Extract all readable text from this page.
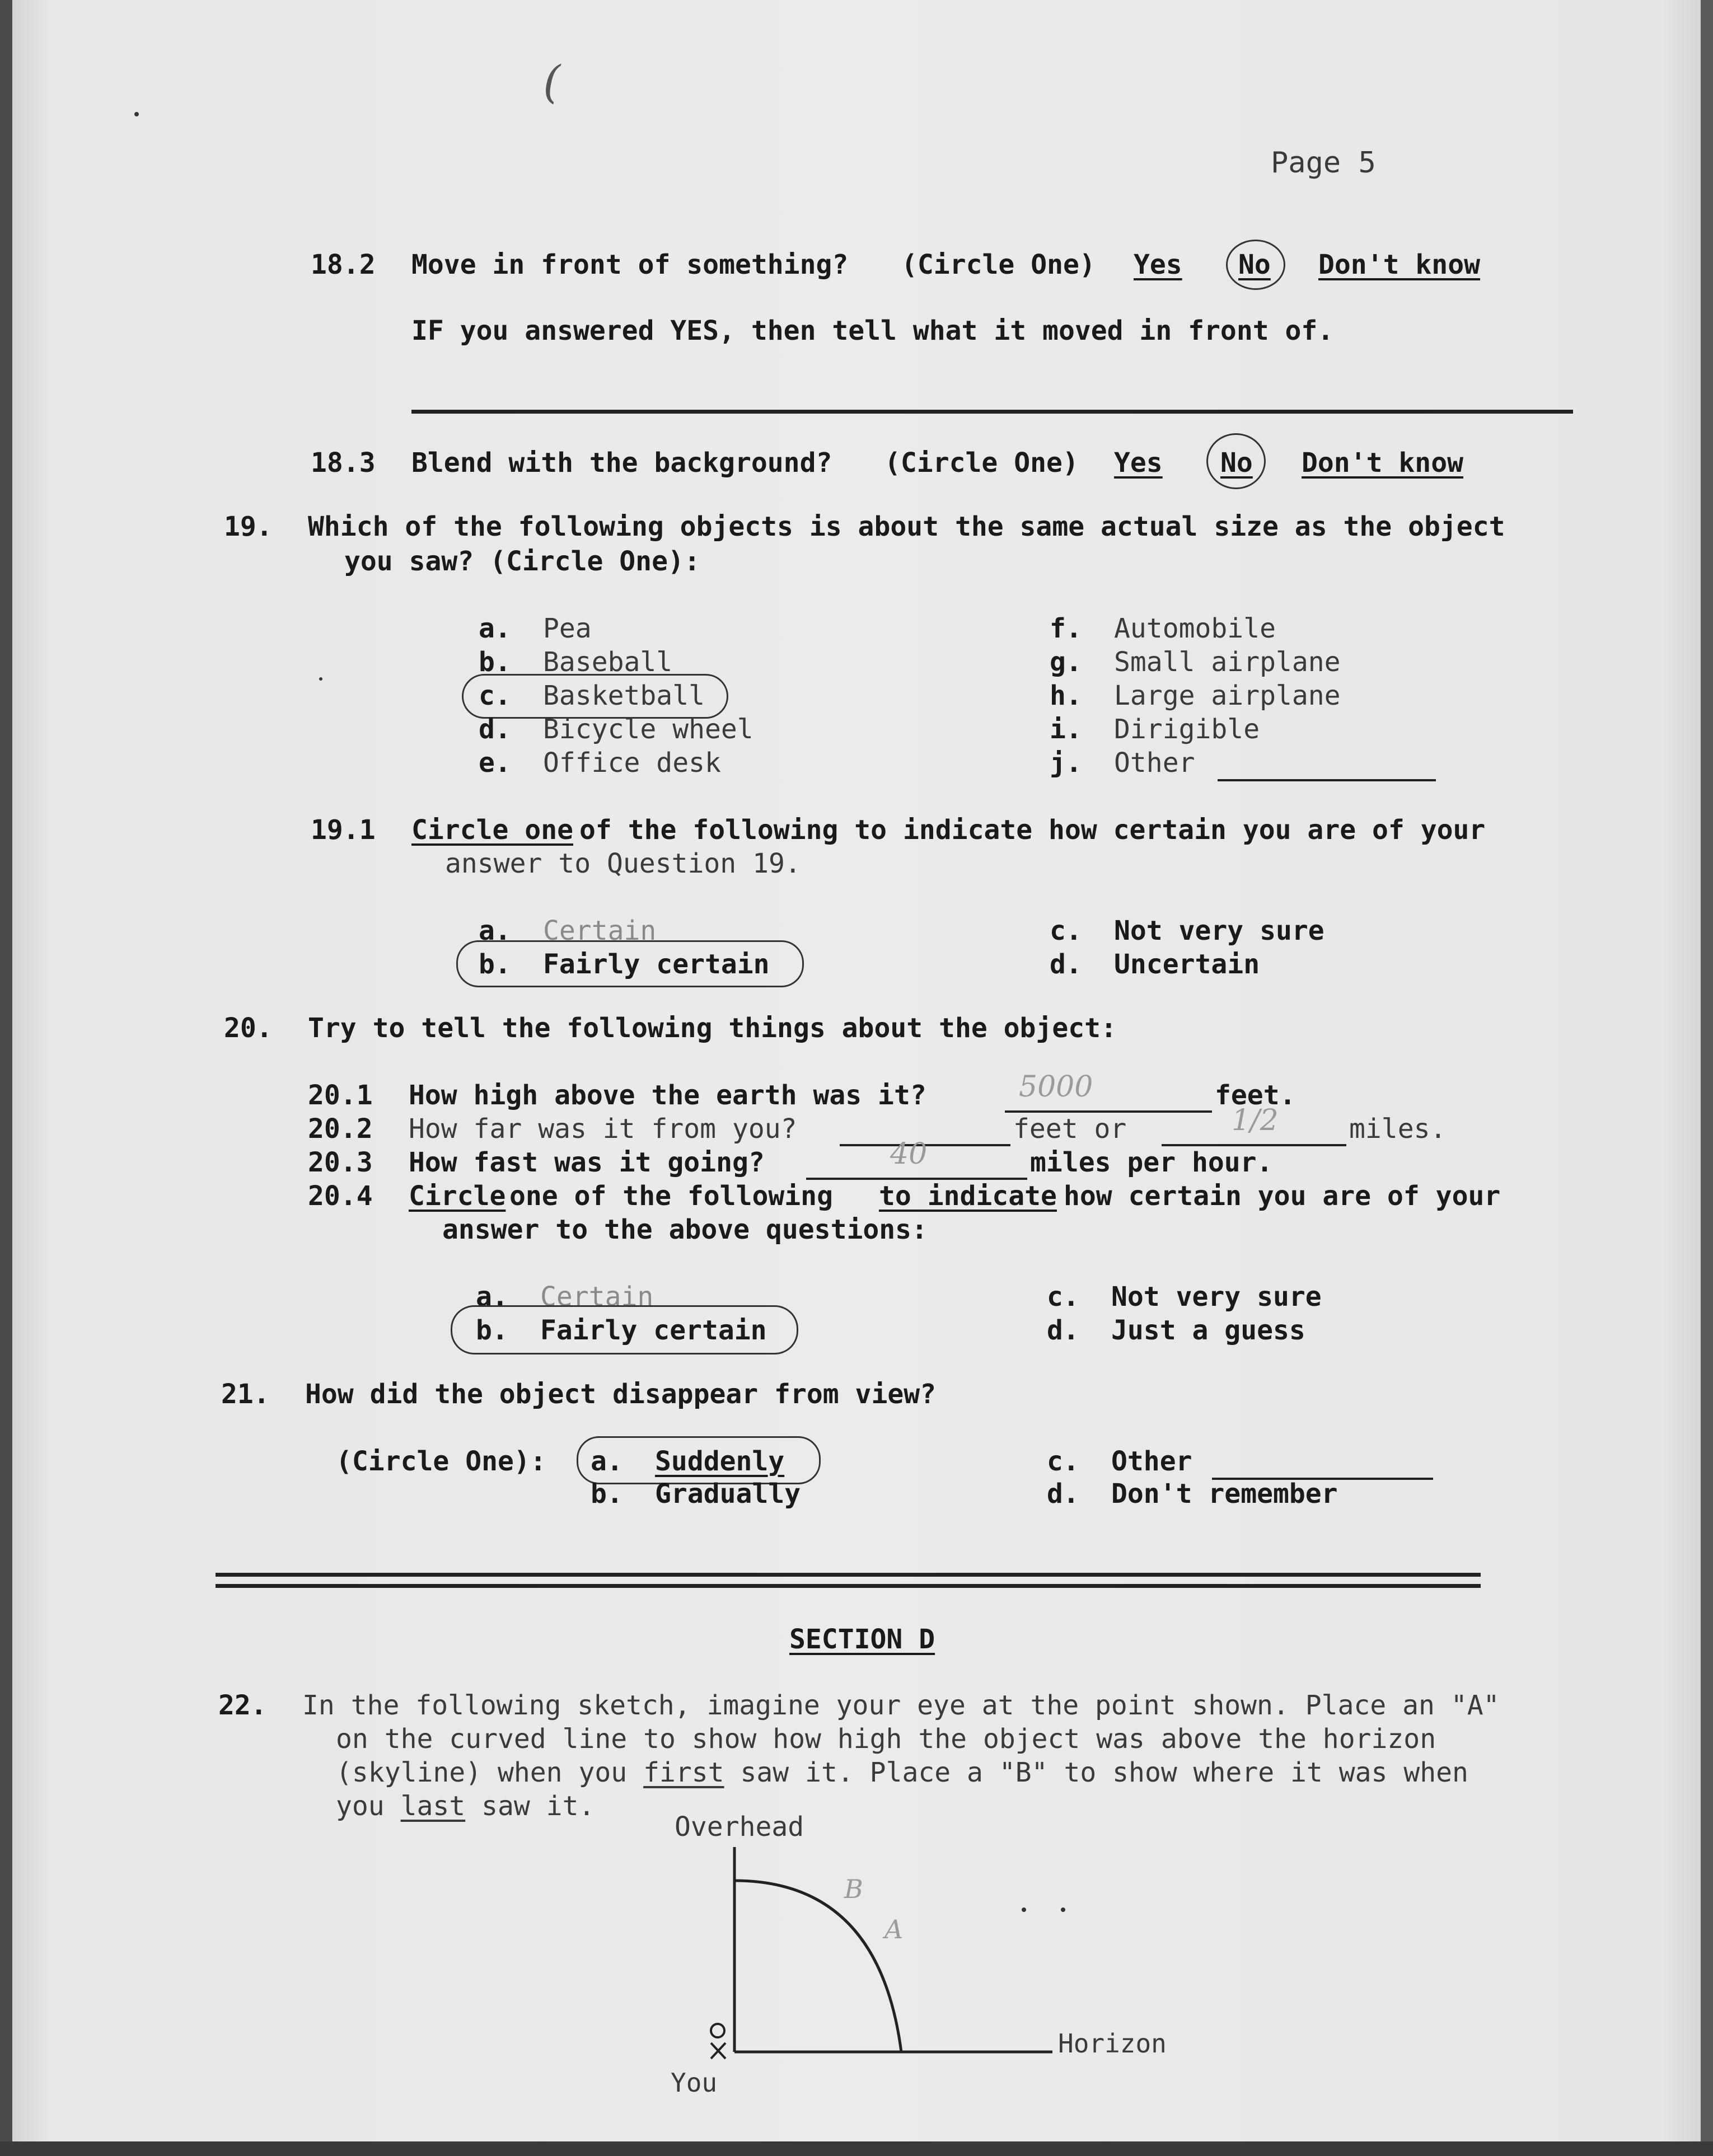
(
Page 5
18.2 Move in front of something? (Circle One) Yes No Don't know
IF you answered YES, then tell what it moved in front of.
18.3 Blend with the background? (Circle One) Yes No Don't know
19. Which of the following objects is about the same actual size as the object
you saw? (Circle One):
a. Pea
b. Baseball
c. Basketball
d. Bicycle wheel
e. Office desk
f. Automobile
g. Small airplane
h. Large airplane
i. Dirigible
j. Other
19.1 Circle one of the following to indicate how certain you are of your
answer to Question 19.
a. Certain
b. Fairly certain
c. Not very sure
d. Uncertain
20. Try to tell the following things about the object:
20.1 How high above the earth was it?	5000	feet.
20.2 How far was it from you?	feet or	1/2	miles.
20.3 How fast was it going?	40	miles per hour.
20.4 Circle one of the following to indicate how certain you are of your
answer to the above questions:
a. Certain
b. Fairly certain
c. Not very sure
d. Just a guess
21. How did the object disappear from view?
(Circle One): a. Suddenly
b. Gradually
c. Other
d. Don't remember
SECTION D
22. In the following sketch, imagine your eye at the point shown. Place an "A"
on the curved line to show how high the object was above the horizon
(skyline) when you first saw it. Place a "B" to show where it was when
you last saw it.
Overhead
B
A
Horizon
You
